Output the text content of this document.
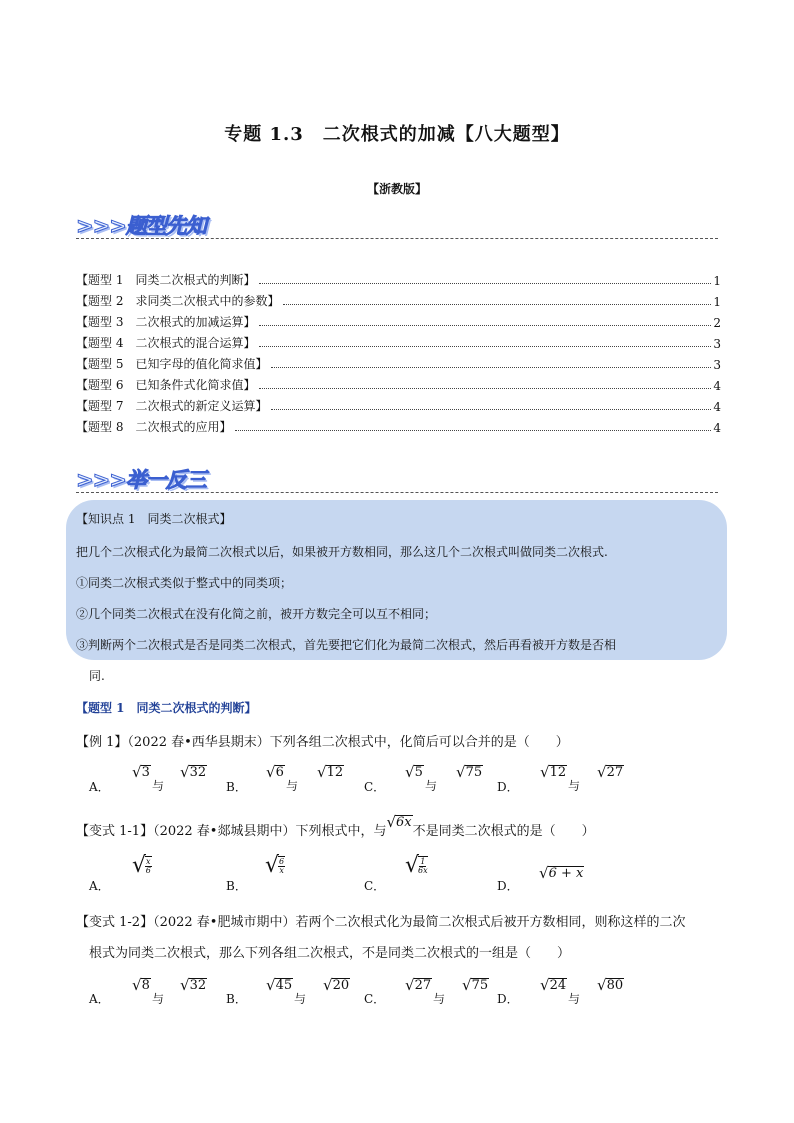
专题 1.3　二次根式的加减【八大题型】
【浙教版】
>>>题型先知
【题型 1　同类二次根式的判断】	1
【题型 2　求同类二次根式中的参数】	1
【题型 3　二次根式的加减运算】	2
【题型 4　二次根式的混合运算】	3
【题型 5　已知字母的值化简求值】	3
【题型 6　已知条件式化简求值】	4
【题型 7　二次根式的新定义运算】	4
【题型 8　二次根式的应用】	4
>>>举一反三
【知识点 1　同类二次根式】
把几个二次根式化为最简二次根式以后，如果被开方数相同，那么这几个二次根式叫做同类二次根式.
①同类二次根式类似于整式中的同类项；
②几个同类二次根式在没有化简之前，被开方数完全可以互不相同；
③判断两个二次根式是否是同类二次根式，首先要把它们化为最简二次根式，然后再看被开方数是否相
同.
【题型 1　同类二次根式的判断】
【例 1】（2022 春•西华县期末）下列各组二次根式中，化简后可以合并的是（　　）
A．
√ 3
与
√ 32
B．
√ 6
与
√ 12
C．
√ 5
与
√ 75
D．
√ 12
与
√ 27
【变式 1-1】（2022 春•郯城县期中）下列根式中，与
√ 6x
不是同类二次根式的是（　　）
A．
√ $\frac{x}{6}$
B．
√ $\frac{6}{x}$
C．
√ $\frac{1}{6x}$
D．
√ 6 + x
【变式 1-2】（2022 春•肥城市期中）若两个二次根式化为最简二次根式后被开方数相同，则称这样的二次
根式为同类二次根式，那么下列各组二次根式，不是同类二次根式的一组是（　　）
A．
√ 8
与
√ 32
B．
√ 45
与
√ 20
C．
√ 27
与
√ 75
D．
√ 24
与
√ 80
